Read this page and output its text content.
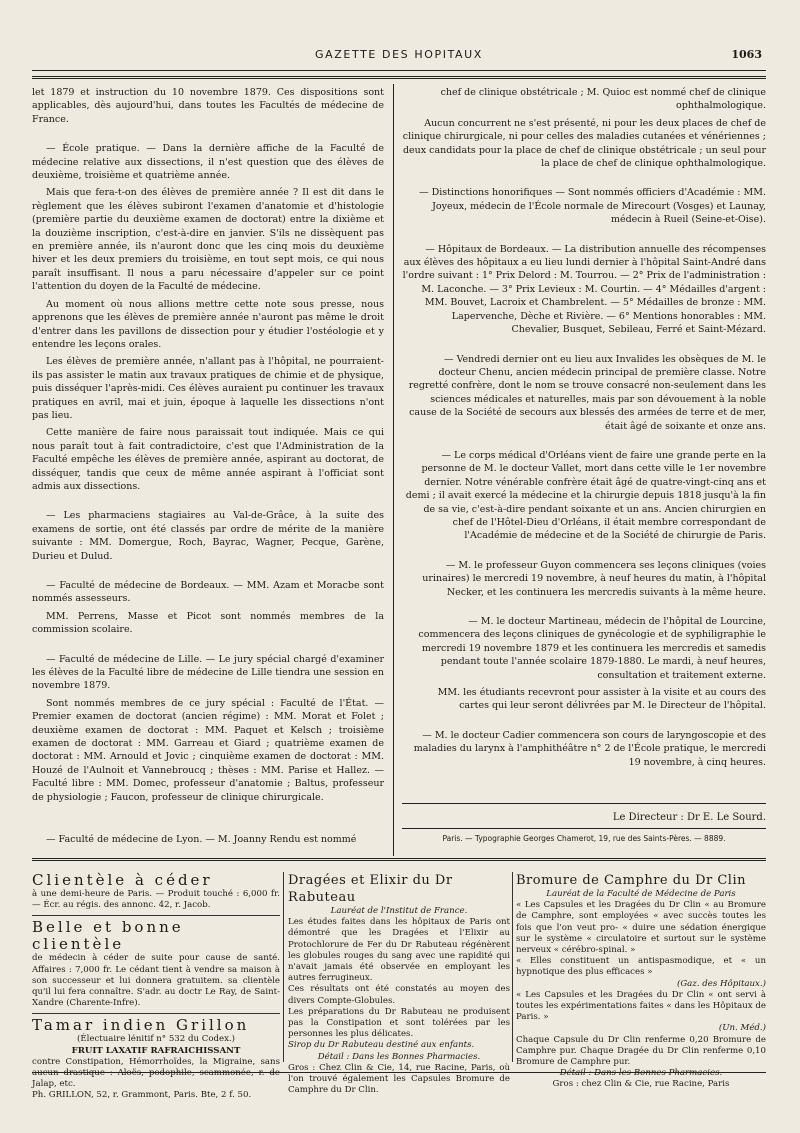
GAZETTE DES HOPITAUX	1063

let 1879 et instruction du 10 novembre 1879. Ces dispositions sont applicables, dès aujourd'hui, dans toutes les Facultés de médecine de France.

— École pratique. — Dans la dernière affiche de la Faculté de médecine relative aux dissections, il n'est question que des élèves de deuxième, troisième et quatrième année.

Mais que fera-t-on des élèves de première année ? Il est dit dans le règlement que les élèves subiront l'examen d'anatomie et d'histologie (première partie du deuxième examen de doctorat) entre la dixième et la douzième inscription, c'est-à-dire en janvier. S'ils ne dissèquent pas en première année, ils n'auront donc que les cinq mois du deuxième hiver et les deux premiers du troisième, en tout sept mois, ce qui nous paraît insuffisant. Il nous a paru nécessaire d'appeler sur ce point l'attention du doyen de la Faculté de médecine.

Au moment où nous allions mettre cette note sous presse, nous apprenons que les élèves de première année n'auront pas même le droit d'entrer dans les pavillons de dissection pour y étudier l'ostéologie et y entendre les leçons orales.

Les élèves de première année, n'allant pas à l'hôpital, ne pourraient-ils pas assister le matin aux travaux pratiques de chimie et de physique, puis disséquer l'après-midi. Ces élèves auraient pu continuer les travaux pratiques en avril, mai et juin, époque à laquelle les dissections n'ont pas lieu.

Cette manière de faire nous paraissait tout indiquée. Mais ce qui nous paraît tout à fait contradictoire, c'est que l'Administration de la Faculté empêche les élèves de première année, aspirant au doctorat, de disséquer, tandis que ceux de même année aspirant à l'officiat sont admis aux dissections.

— Les pharmaciens stagiaires au Val-de-Grâce, à la suite des examens de sortie, ont été classés par ordre de mérite de la manière suivante : MM. Domergue, Roch, Bayrac, Wagner, Pecque, Garène, Durieu et Dulud.

— Faculté de médecine de Bordeaux. — MM. Azam et Moracbe sont nommés assesseurs.

MM. Perrens, Masse et Picot sont nommés membres de la commission scolaire.

— Faculté de médecine de Lille. — Le jury spécial chargé d'examiner les élèves de la Faculté libre de médecine de Lille tiendra une session en novembre 1879.

Sont nommés membres de ce jury spécial : Faculté de l'État. — Premier examen de doctorat (ancien régime) : MM. Morat et Folet ; deuxième examen de doctorat : MM. Paquet et Kelsch ; troisième examen de doctorat : MM. Garreau et Giard ; quatrième examen de doctorat : MM. Arnould et Jovic ; cinquième examen de doctorat : MM. Houzé de l'Aulnoit et Vannebroucq ; thèses : MM. Parise et Hallez. — Faculté libre : MM. Domec, professeur d'anatomie ; Baltus, professeur de physiologie ; Faucon, professeur de clinique chirurgicale.

chef de clinique obstétricale ; M. Quioc est nommé chef de clinique ophthalmologique.

Aucun concurrent ne s'est présenté, ni pour les deux places de chef de clinique chirurgicale, ni pour celles des maladies cutanées et vénériennes ; deux candidats pour la place de chef de clinique obstétricale ; un seul pour la place de chef de clinique ophthalmologique.

— Distinctions honorifiques — Sont nommés officiers d'Académie : MM. Joyeux, médecin de l'École normale de Mirecourt (Vosges) et Launay, médecin à Rueil (Seine-et-Oise).

— Hôpitaux de Bordeaux. — La distribution annuelle des récompenses aux élèves des hôpitaux a eu lieu lundi dernier à l'hôpital Saint-André dans l'ordre suivant : 1° Prix Delord : M. Tourrou. — 2° Prix de l'administration : M. Laconche. — 3° Prix Levieux : M. Courtin. — 4° Médailles d'argent : MM. Bouvet, Lacroix et Chambrelent. — 5° Médailles de bronze : MM. Lapervenche, Dèche et Rivière. — 6° Mentions honorables : MM. Chevalier, Busquet, Sebileau, Ferré et Saint-Mézard.

— Vendredi dernier ont eu lieu aux Invalides les obsèques de M. le docteur Chenu, ancien médecin principal de première classe. Notre regretté confrère, dont le nom se trouve consacré non-seulement dans les sciences médicales et naturelles, mais par son dévouement à la noble cause de la Société de secours aux blessés des armées de terre et de mer, était âgé de soixante et onze ans.

— Le corps médical d'Orléans vient de faire une grande perte en la personne de M. le docteur Vallet, mort dans cette ville le 1er novembre dernier. Notre vénérable confrère était âgé de quatre-vingt-cinq ans et demi ; il avait exercé la médecine et la chirurgie depuis 1818 jusqu'à la fin de sa vie, c'est-à-dire pendant soixante et un ans. Ancien chirurgien en chef de l'Hôtel-Dieu d'Orléans, il était membre correspondant de l'Académie de médecine et de la Société de chirurgie de Paris.

— M. le professeur Guyon commencera ses leçons cliniques (voies urinaires) le mercredi 19 novembre, à neuf heures du matin, à l'hôpital Necker, et les continuera les mercredis suivants à la même heure.

— M. le docteur Martineau, médecin de l'hôpital de Lourcine, commencera des leçons cliniques de gynécologie et de syphiligraphie le mercredi 19 novembre 1879 et les continuera les mercredis et samedis pendant toute l'année scolaire 1879-1880. Le mardi, à neuf heures, consultation et traitement externe.

MM. les étudiants recevront pour assister à la visite et au cours des cartes qui leur seront délivrées par M. le Directeur de l'hôpital.

— M. le docteur Cadier commencera son cours de laryngoscopie et des maladies du larynx à l'amphithéâtre n° 2 de l'École pratique, le mercredi 19 novembre, à cinq heures.

Le Directeur : Dr E. Le Sourd.
Paris. — Typographie Georges Chamerot, 19, rue des Saints-Pères. — 8889.
— Faculté de médecine de Lyon. — M. Joanny Rendu est nommé
Clientèle à céder
à une demi-heure de Paris. — Produit touché : 6,000 fr. — Écr. au régis. des annonc. 42, r. Jacob.
Belle et bonne clientèle
de médecin à céder de suite pour cause de santé. Affaires : 7,000 fr. Le cédant tient à vendre sa maison à son successeur et lui donnera gratuitem. sa clientèle qu'il lui fera connaître. S'adr. au doctr Le Ray, de Saint-Xandre (Charente-Infre).
Tamar indien Grillon
(Électuaire lénitif n° 532 du Codex.)
FRUIT LAXATIF RAFRAICHISSANT
contre Constipation, Hémorrhoïdes, la Migraine, sans aucun drastique : Aloës, podophile, scammonée, r. de Jalap, etc.
Ph. GRILLON, 52, r. Grammont, Paris. Bte, 2 f. 50.
Dragées et Elixir du Dr Rabuteau
Lauréat de l'Institut de France.
Les études faites dans les hôpitaux de Paris ont démontré que les Dragées et l'Elixir au Protochlorure de Fer du Dr Rabuteau régénèrent les globules rouges du sang avec une rapidité qui n'avait jamais été observée en employant les autres ferrugineux.
Ces résultats ont été constatés au moyen des divers Compte-Globules.
Les préparations du Dr Rabuteau ne produisent pas la Constipation et sont tolérées par les personnes les plus délicates.
Sirop du Dr Rabuteau destiné aux enfants.
Détail : Dans les Bonnes Pharmacies.
Gros : Chez Clin & Cie, 14, rue Racine, Paris, où l'on trouvé également les Capsules Bromure de Camphre du Dr Clin.
Bromure de Camphre du Dr Clin
Lauréat de la Faculté de Médecine de Paris
« Les Capsules et les Dragées du Dr Clin « au Bromure de Camphre, sont employées « avec succès toutes les fois que l'on veut pro- « duire une sédation énergique sur le système « circulatoire et surtout sur le système nerveux « cérébro-spinal. »
« Elles constituent un antispasmodique, et « un hypnotique des plus efficaces »
(Gaz. des Hôpitaux.)
« Les Capsules et les Dragées du Dr Clin « ont servi à toutes les expérimentations faites « dans les Hôpitaux de Paris. »
(Un. Méd.)
Chaque Capsule du Dr Clin renferme 0,20 Bromure de Camphre pur. Chaque Dragée du Dr Clin renferme 0,10 Bromure de Camphre pur.
Détail : Dans les Bonnes Pharmacies.
Gros : chez Clin & Cie, rue Racine, Paris
